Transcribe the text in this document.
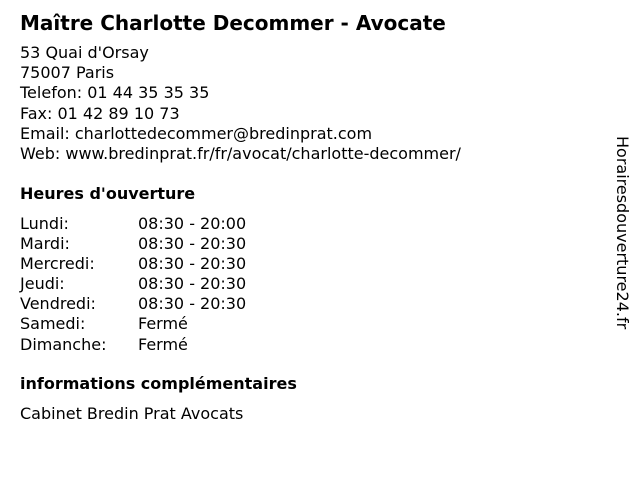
Maître Charlotte Decommer - Avocate
53 Quai d'Orsay
75007 Paris
Telefon: 01 44 35 35 35
Fax: 01 42 89 10 73
Email: charlottedecommer@bredinprat.com
Web: www.bredinprat.fr/fr/avocat/charlotte-decommer/
Heures d'ouverture
Lundi:	08:30 - 20:00
Mardi:	08:30 - 20:30
Mercredi:	08:30 - 20:30
Jeudi:	08:30 - 20:30
Vendredi:	08:30 - 20:30
Samedi:	Fermé
Dimanche: Fermé
informations complémentaires
Cabinet Bredin Prat Avocats
Horairesdouverture24.fr
